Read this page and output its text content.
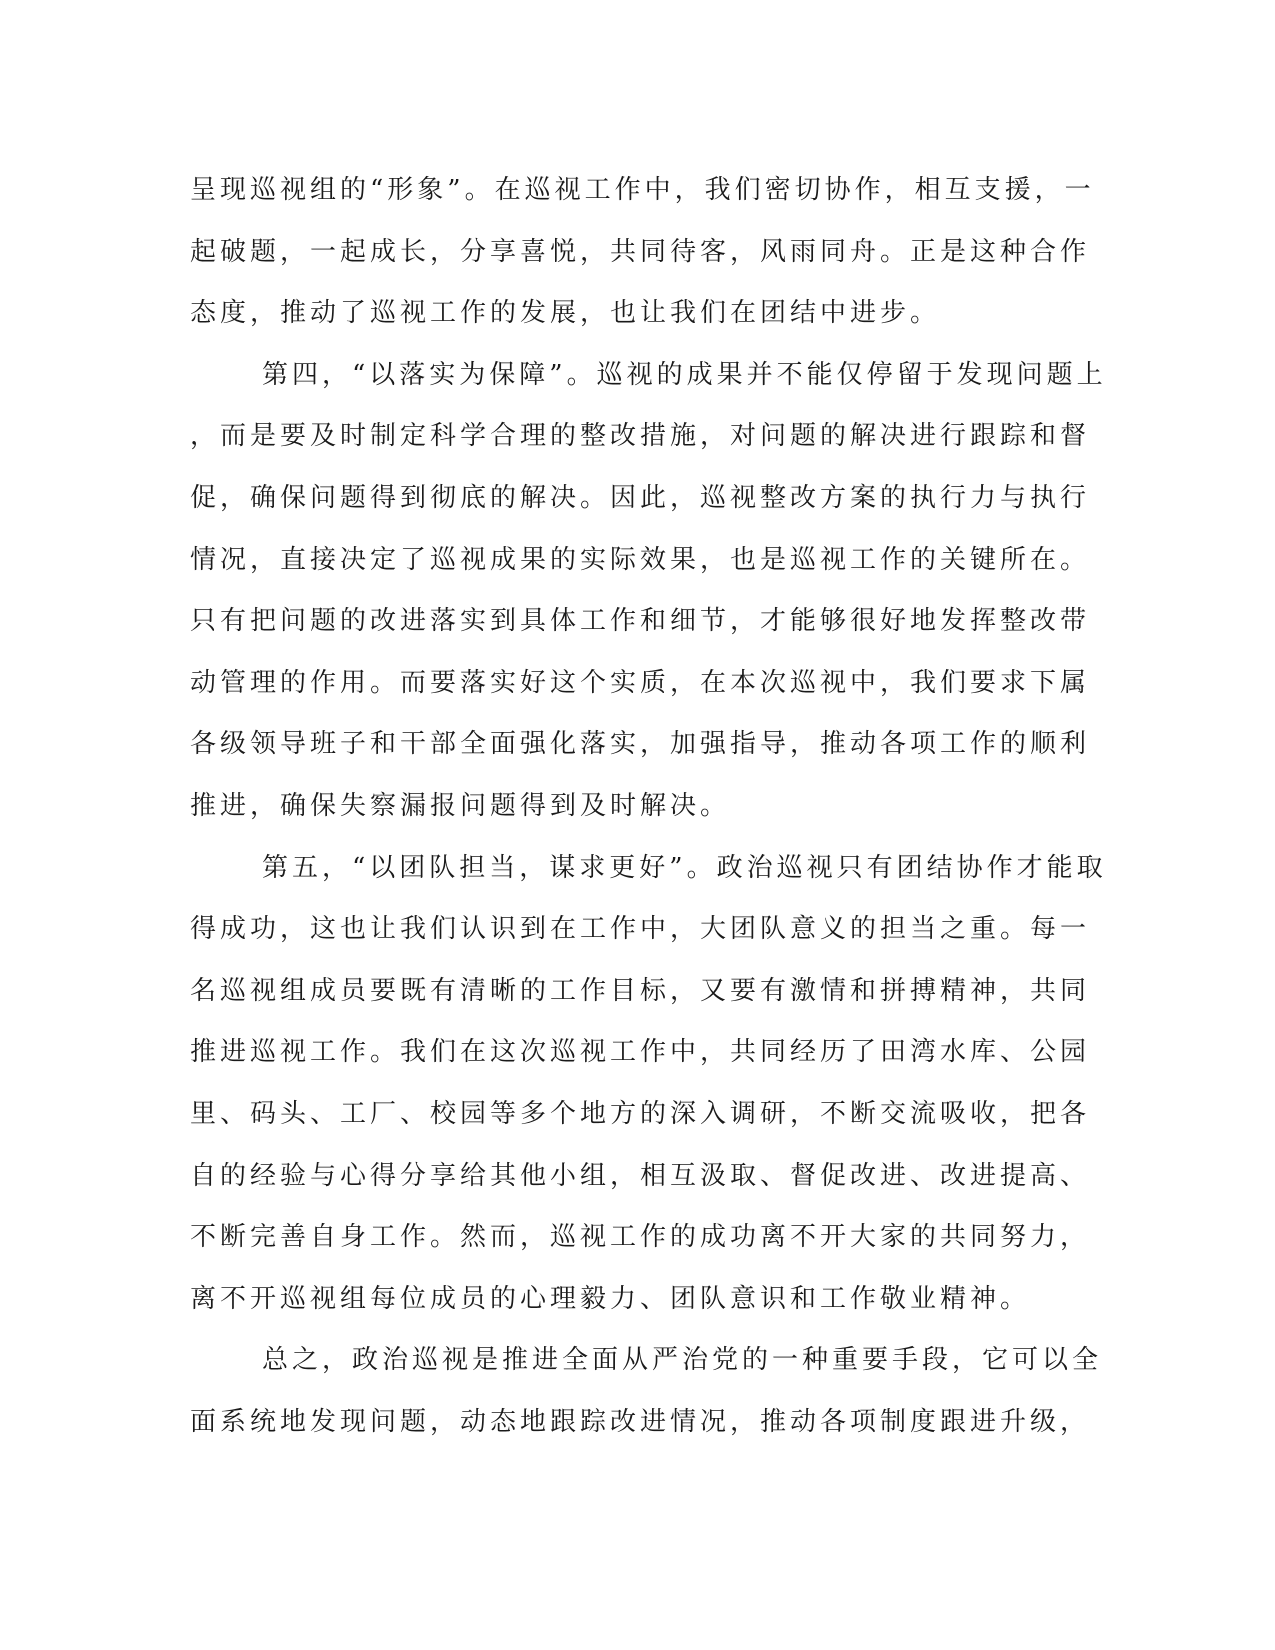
呈现巡视组的“形象”。在巡视工作中，我们密切协作，相互支援，一
起破题，一起成长，分享喜悦，共同待客，风雨同舟。正是这种合作
态度，推动了巡视工作的发展，也让我们在团结中进步。
第四，“以落实为保障”。巡视的成果并不能仅停留于发现问题上
，而是要及时制定科学合理的整改措施，对问题的解决进行跟踪和督
促，确保问题得到彻底的解决。因此，巡视整改方案的执行力与执行
情况，直接决定了巡视成果的实际效果，也是巡视工作的关键所在。
只有把问题的改进落实到具体工作和细节，才能够很好地发挥整改带
动管理的作用。而要落实好这个实质，在本次巡视中，我们要求下属
各级领导班子和干部全面强化落实，加强指导，推动各项工作的顺利
推进，确保失察漏报问题得到及时解决。
第五，“以团队担当，谋求更好”。政治巡视只有团结协作才能取
得成功，这也让我们认识到在工作中，大团队意义的担当之重。每一
名巡视组成员要既有清晰的工作目标，又要有激情和拼搏精神，共同
推进巡视工作。我们在这次巡视工作中，共同经历了田湾水库、公园
里、码头、工厂、校园等多个地方的深入调研，不断交流吸收，把各
自的经验与心得分享给其他小组，相互汲取、督促改进、改进提高、
不断完善自身工作。然而，巡视工作的成功离不开大家的共同努力，
离不开巡视组每位成员的心理毅力、团队意识和工作敬业精神。
总之，政治巡视是推进全面从严治党的一种重要手段，它可以全
面系统地发现问题，动态地跟踪改进情况，推动各项制度跟进升级，
